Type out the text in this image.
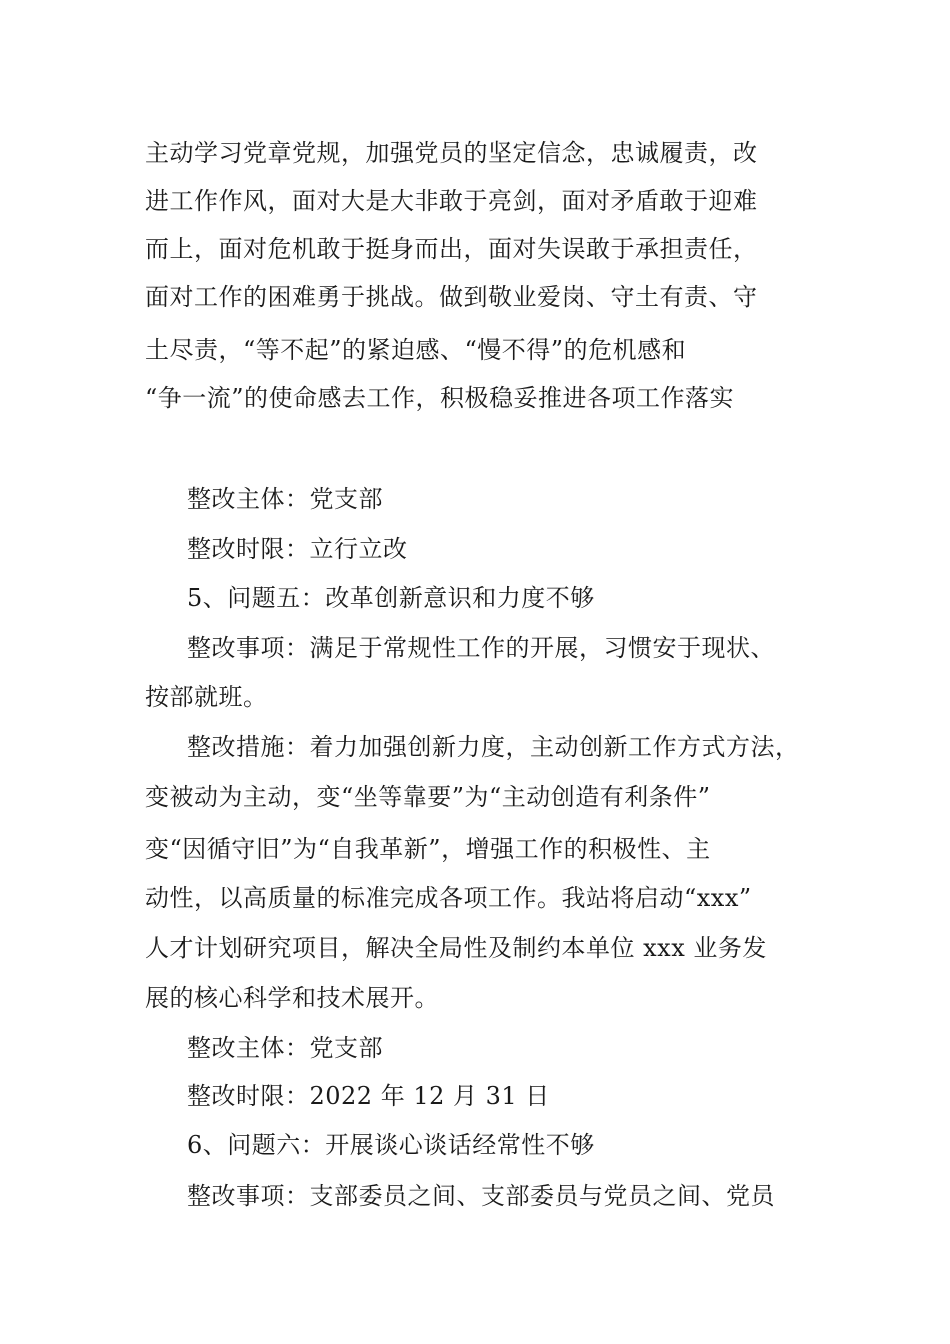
主动学习党章党规，加强党员的坚定信念，忠诚履责，改
进工作作风，面对大是大非敢于亮剑，面对矛盾敢于迎难
而上，面对危机敢于挺身而出，面对失误敢于承担责任，
面对工作的困难勇于挑战。做到敬业爱岗、守土有责、守
土尽责，“等不起”的紧迫感、“慢不得”的危机感和
“争一流”的使命感去工作，积极稳妥推进各项工作落实
整改主体：党支部
整改时限：立行立改
5、问题五：改革创新意识和力度不够
整改事项：满足于常规性工作的开展，习惯安于现状、
按部就班。
整改措施：着力加强创新力度，主动创新工作方式方法，
变被动为主动，变“坐等靠要”为“主动创造有利条件”
变“因循守旧”为“自我革新”，增强工作的积极性、主
动性，以高质量的标准完成各项工作。我站将启动“xxx”
人才计划研究项目，解决全局性及制约本单位 xxx 业务发
展的核心科学和技术展开。
整改主体：党支部
整改时限：2022 年 12 月 31 日
6、问题六：开展谈心谈话经常性不够
整改事项：支部委员之间、支部委员与党员之间、党员
